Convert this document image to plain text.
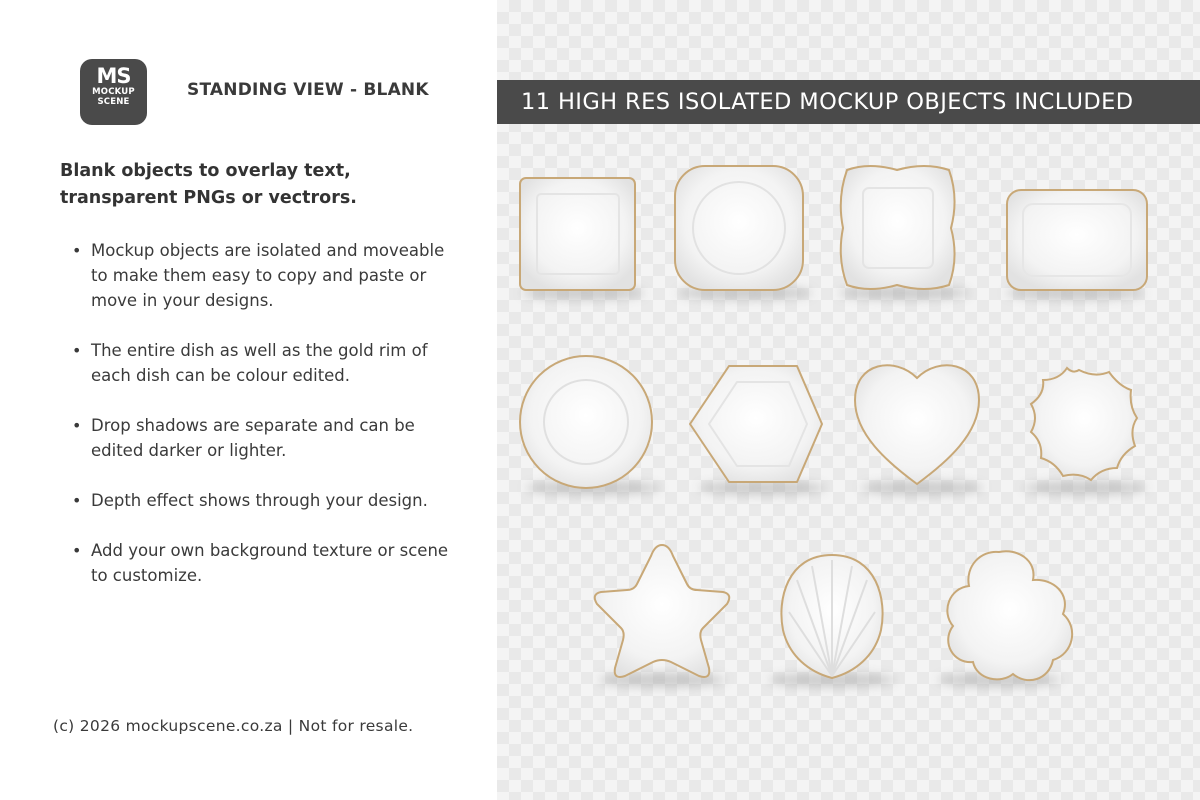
MS
MOCKUP
SCENE
STANDING VIEW - BLANK
Blank objects to overlay text, transparent PNGs or vectrors.
• Mockup objects are isolated and moveable to make them easy to copy and paste or move in your designs.
• The entire dish as well as the gold rim of each dish can be colour edited.
• Drop shadows are separate and can be edited darker or lighter.
• Depth effect shows through your design.
• Add your own background texture or scene to customize.
(c) 2026 mockupscene.co.za | Not for resale.
11 HIGH RES ISOLATED MOCKUP OBJECTS INCLUDED
